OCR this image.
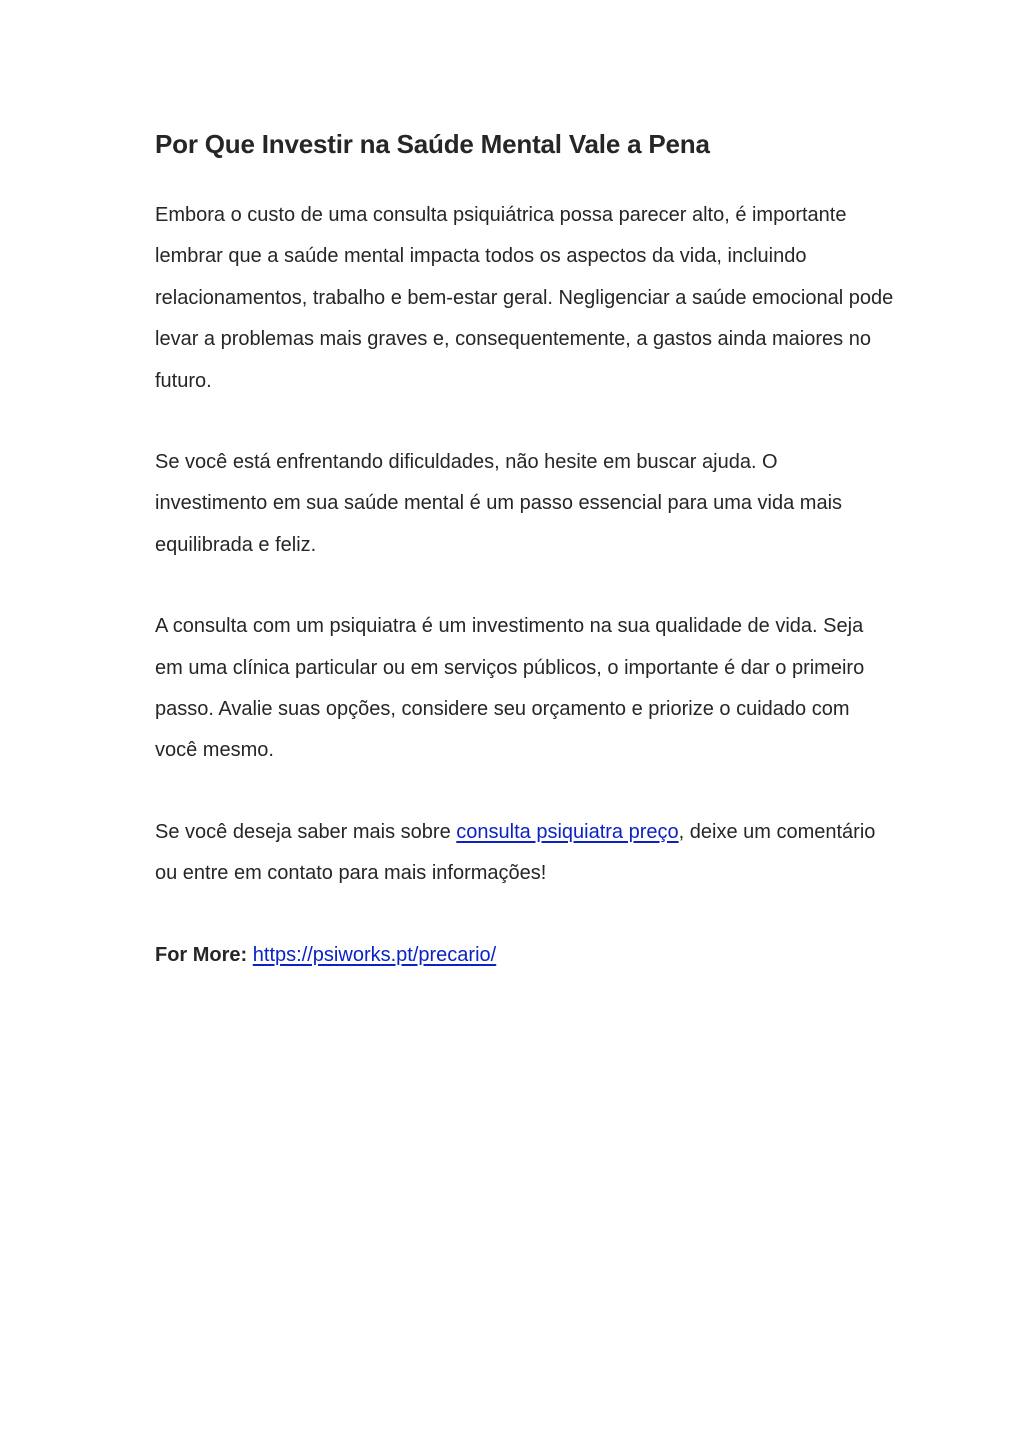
Por Que Investir na Saúde Mental Vale a Pena

Embora o custo de uma consulta psiquiátrica possa parecer alto, é importante lembrar que a saúde mental impacta todos os aspectos da vida, incluindo relacionamentos, trabalho e bem-estar geral. Negligenciar a saúde emocional pode levar a problemas mais graves e, consequentemente, a gastos ainda maiores no futuro.

Se você está enfrentando dificuldades, não hesite em buscar ajuda. O investimento em sua saúde mental é um passo essencial para uma vida mais equilibrada e feliz.

A consulta com um psiquiatra é um investimento na sua qualidade de vida. Seja em uma clínica particular ou em serviços públicos, o importante é dar o primeiro passo. Avalie suas opções, considere seu orçamento e priorize o cuidado com você mesmo.

Se você deseja saber mais sobre consulta psiquiatra preço, deixe um comentário ou entre em contato para mais informações!

For More: https://psiworks.pt/precario/
